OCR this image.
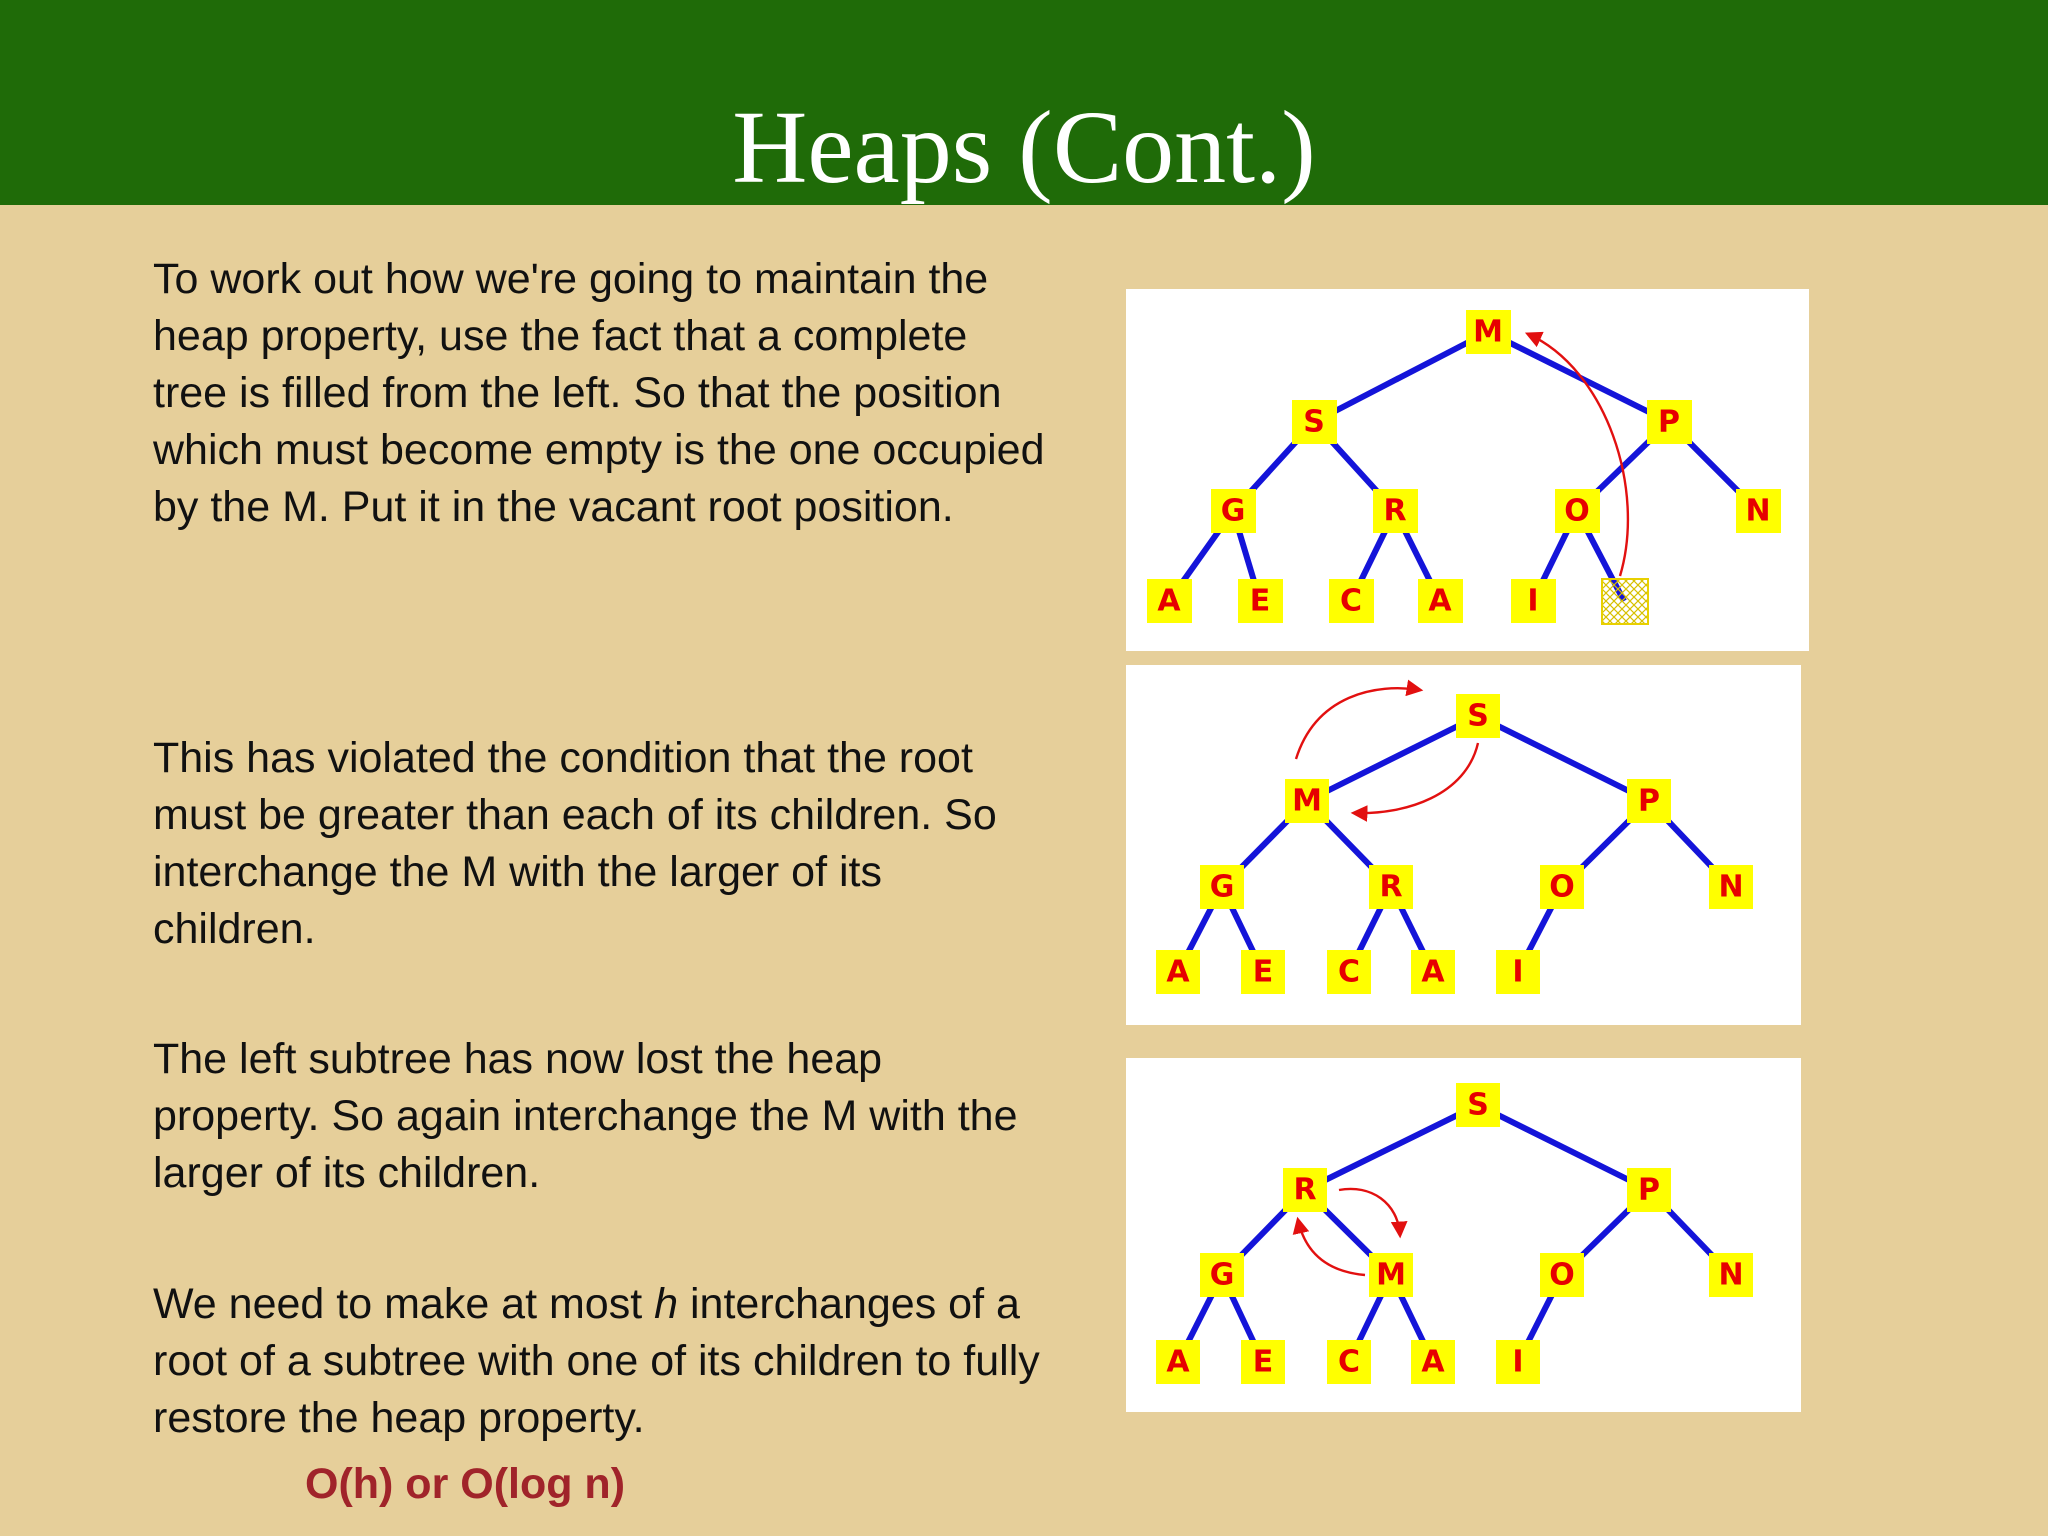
Heaps (Cont.)
To work out how we're going to maintain the heap property, use the fact that a complete tree is filled from the left. So that the position which must become empty is the one occupied by the M. Put it in the vacant root position.
This has violated the condition that the root must be greater than each of its children. So interchange the M with the larger of its children.
The left subtree has now lost the heap property. So again interchange the M with the larger of its children.
We need to make at most h interchanges of a root of a subtree with one of its children to fully restore the heap property.
O(h) or O(log n)
M
S	P
G	R	O	N
A E C A	I
S
M	P
G	R	O	N
A E C A I
S
R	P
G	M	O	N
A E C A I
